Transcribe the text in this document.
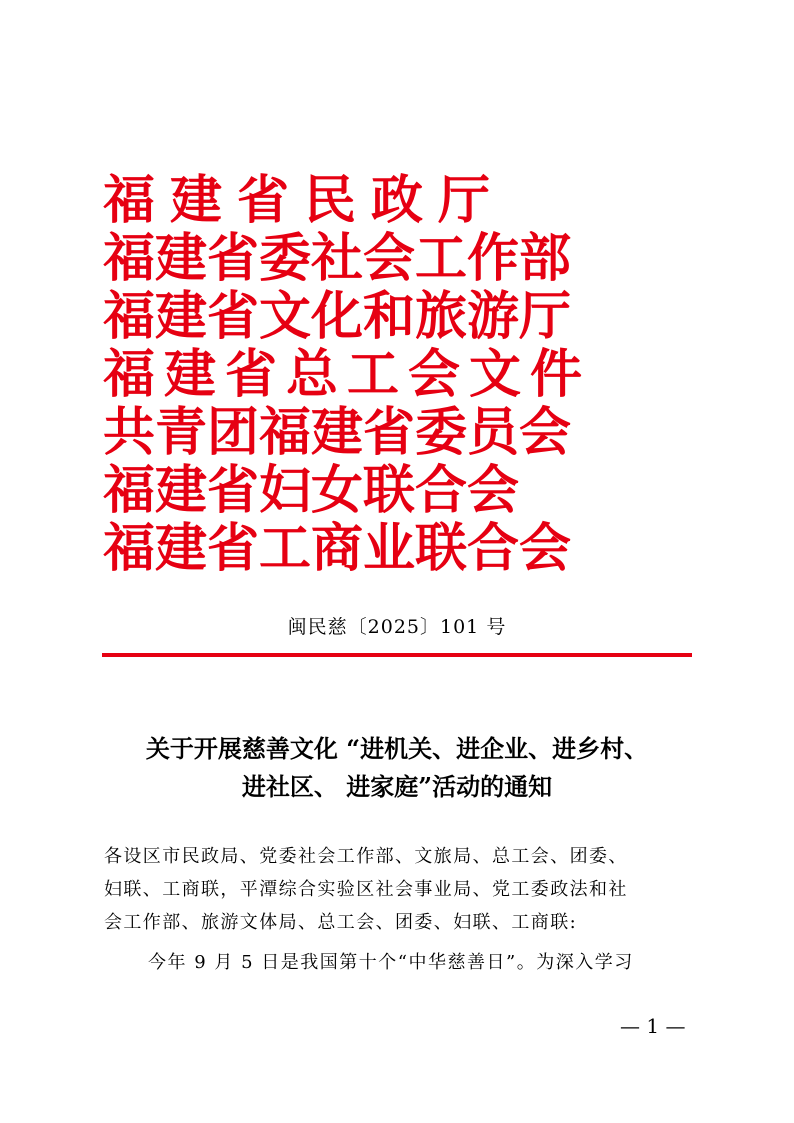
福建省民政厅
福建省委社会工作部
福建省文化和旅游厅
福建省总工会文件
共青团福建省委员会
福建省妇女联合会
福建省工商业联合会
闽民慈〔2025〕101 号
关于开展慈善文化 “进机关、进企业、进乡村、
进社区、 进家庭”活动的通知
各设区市民政局、党委社会工作部、文旅局、总工会、团委、
妇联、工商联，平潭综合实验区社会事业局、党工委政法和社
会工作部、旅游文体局、总工会、团委、妇联、工商联:
今年 9 月 5 日是我国第十个“中华慈善日”。为深入学习
— 1 —
